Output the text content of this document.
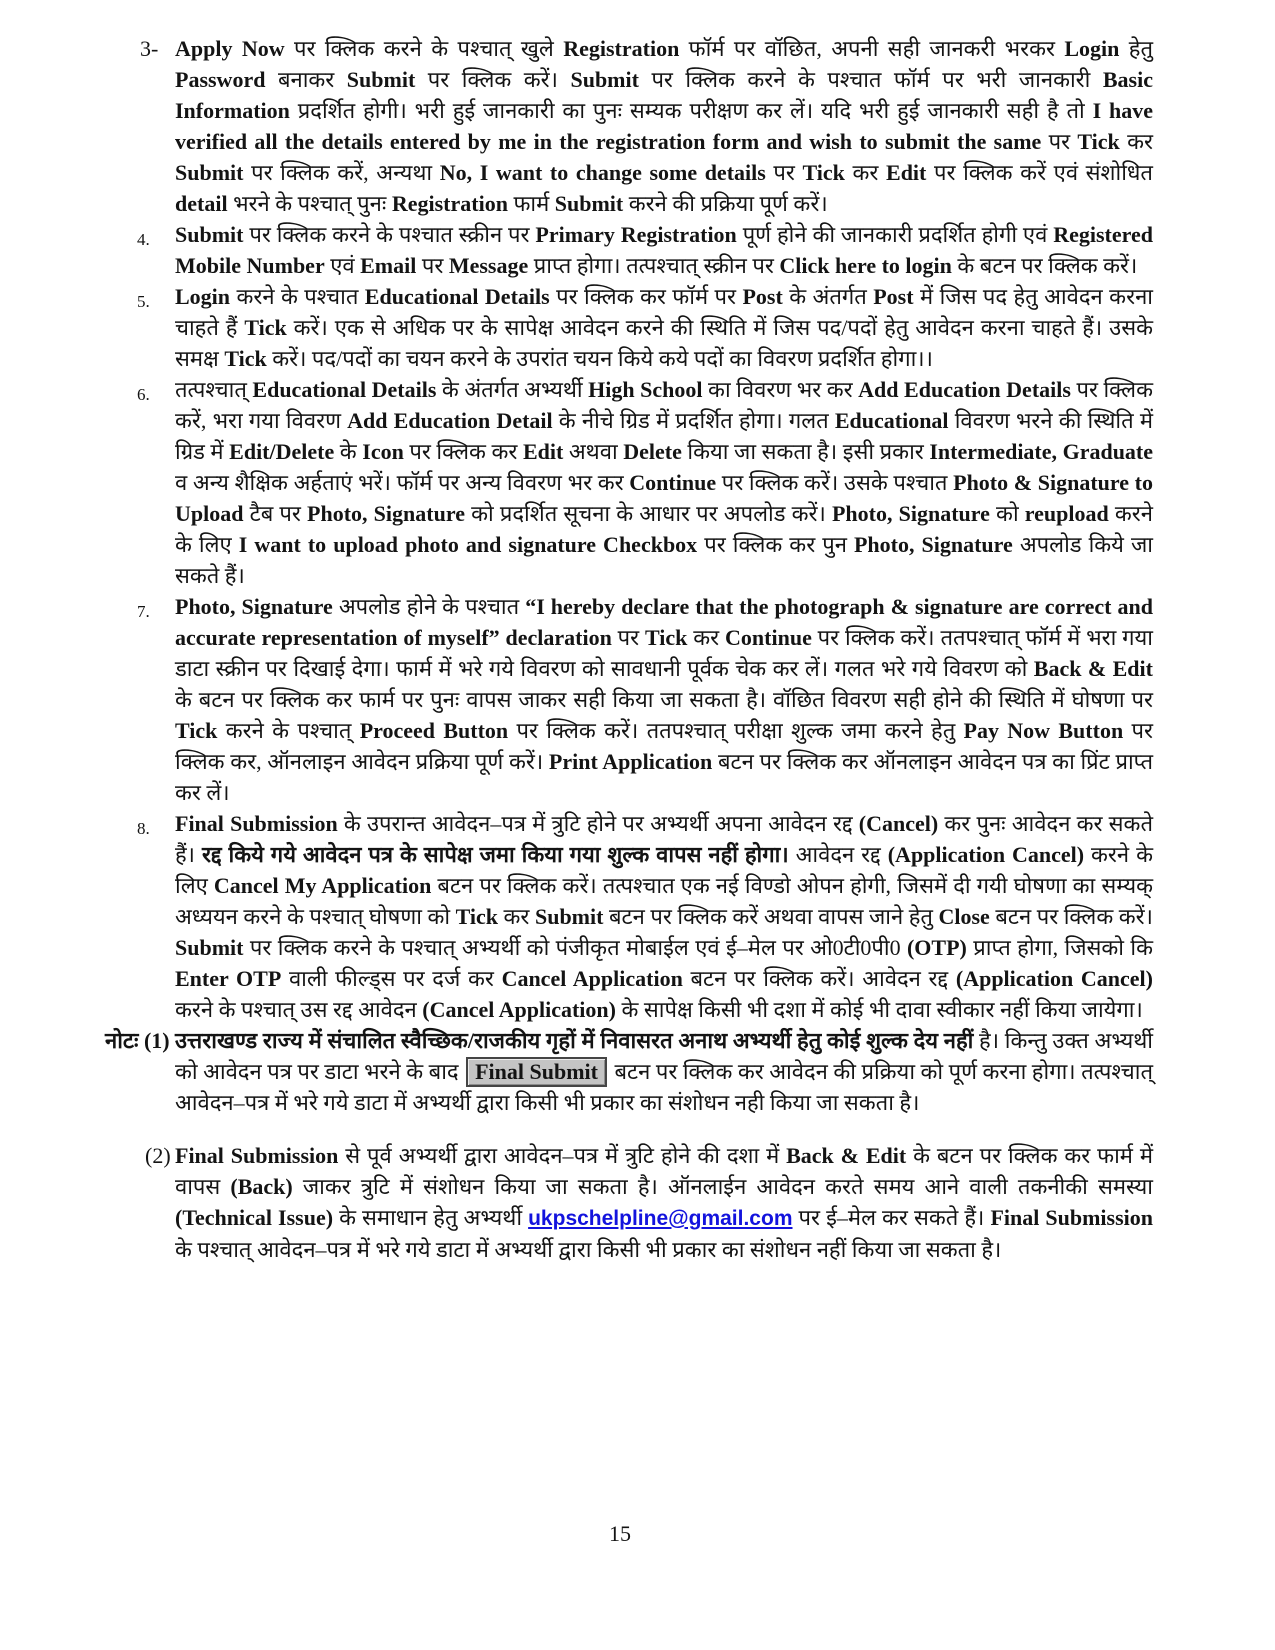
3- Apply Now पर क्लिक करने के पश्चात् खुले Registration फॉर्म पर वॉछित, अपनी सही जानकरी भरकर Login हेतु Password बनाकर Submit पर क्लिक करें। Submit पर क्लिक करने के पश्चात फॉर्म पर भरी जानकारी Basic Information प्रदर्शित होगी। भरी हुई जानकारी का पुनः सम्यक परीक्षण कर लें। यदि भरी हुई जानकारी सही है तो I have verified all the details entered by me in the registration form and wish to submit the same पर Tick कर Submit पर क्लिक करें, अन्यथा No, I want to change some details पर Tick कर Edit पर क्लिक करें एवं संशोधित detail भरने के पश्चात् पुनः Registration फार्म Submit करने की प्रक्रिया पूर्ण करें।
4. Submit पर क्लिक करने के पश्चात स्क्रीन पर Primary Registration पूर्ण होने की जानकारी प्रदर्शित होगी एवं Registered Mobile Number एवं Email पर Message प्राप्त होगा। तत्पश्चात् स्क्रीन पर Click here to login के बटन पर क्लिक करें।
5. Login करने के पश्चात Educational Details पर क्लिक कर फॉर्म पर Post के अंतर्गत Post में जिस पद हेतु आवेदन करना चाहते हैं Tick करें। एक से अधिक पर के सापेक्ष आवेदन करने की स्थिति में जिस पद/पदों हेतु आवेदन करना चाहते हैं। उसके समक्ष Tick करें। पद/पदों का चयन करने के उपरांत चयन किये कये पदों का विवरण प्रदर्शित होगा।।
6. तत्पश्चात् Educational Details के अंतर्गत अभ्यर्थी High School का विवरण भर कर Add Education Details पर क्लिक करें, भरा गया विवरण Add Education Detail के नीचे ग्रिड में प्रदर्शित होगा। गलत Educational विवरण भरने की स्थिति में ग्रिड में Edit/Delete के Icon पर क्लिक कर Edit अथवा Delete किया जा सकता है। इसी प्रकार Intermediate, Graduate व अन्य शैक्षिक अर्हताएं भरें। फॉर्म पर अन्य विवरण भर कर Continue पर क्लिक करें। उसके पश्चात Photo & Signature to Upload टैब पर Photo, Signature को प्रदर्शित सूचना के आधार पर अपलोड करें। Photo, Signature को reupload करने के लिए I want to upload photo and signature Checkbox पर क्लिक कर पुन Photo, Signature अपलोड किये जा सकते हैं।
7. Photo, Signature अपलोड होने के पश्चात “I hereby declare that the photograph & signature are correct and accurate representation of myself” declaration पर Tick कर Continue पर क्लिक करें। ततपश्चात् फॉर्म में भरा गया डाटा स्क्रीन पर दिखाई देगा। फार्म में भरे गये विवरण को सावधानी पूर्वक चेक कर लें। गलत भरे गये विवरण को Back & Edit के बटन पर क्लिक कर फार्म पर पुनः वापस जाकर सही किया जा सकता है। वॉछित विवरण सही होने की स्थिति में घोषणा पर Tick करने के पश्चात् Proceed Button पर क्लिक करें। ततपश्चात् परीक्षा शुल्क जमा करने हेतु Pay Now Button पर क्लिक कर, ऑनलाइन आवेदन प्रक्रिया पूर्ण करें। Print Application बटन पर क्लिक कर ऑनलाइन आवेदन पत्र का प्रिंट प्राप्त कर लें।
8. Final Submission के उपरान्त आवेदन–पत्र में त्रुटि होने पर अभ्यर्थी अपना आवेदन रद्द (Cancel) कर पुनः आवेदन कर सकते हैं। रद्द किये गये आवेदन पत्र के सापेक्ष जमा किया गया शुल्क वापस नहीं होगा। आवेदन रद्द (Application Cancel) करने के लिए Cancel My Application बटन पर क्लिक करें। तत्पश्चात एक नई विण्डो ओपन होगी, जिसमें दी गयी घोषणा का सम्यक् अध्ययन करने के पश्चात् घोषणा को Tick कर Submit बटन पर क्लिक करें अथवा वापस जाने हेतु Close बटन पर क्लिक करें। Submit पर क्लिक करने के पश्चात् अभ्यर्थी को पंजीकृत मोबाईल एवं ई–मेल पर ओ0टी0पी0 (OTP) प्राप्त होगा, जिसको कि Enter OTP वाली फील्ड्स पर दर्ज कर Cancel Application बटन पर क्लिक करें। आवेदन रद्द (Application Cancel) करने के पश्चात् उस रद्द आवेदन (Cancel Application) के सापेक्ष किसी भी दशा में कोई भी दावा स्वीकार नहीं किया जायेगा।
नोटः (1) उत्तराखण्ड राज्य में संचालित स्वैच्छिक/राजकीय गृहों में निवासरत अनाथ अभ्यर्थी हेतु कोई शुल्क देय नहीं है। किन्तु उक्त अभ्यर्थी को आवेदन पत्र पर डाटा भरने के बाद Final Submit बटन पर क्लिक कर आवेदन की प्रक्रिया को पूर्ण करना होगा। तत्पश्चात् आवेदन–पत्र में भरे गये डाटा में अभ्यर्थी द्वारा किसी भी प्रकार का संशोधन नही किया जा सकता है।
(2) Final Submission से पूर्व अभ्यर्थी द्वारा आवेदन–पत्र में त्रुटि होने की दशा में Back & Edit के बटन पर क्लिक कर फार्म में वापस (Back) जाकर त्रुटि में संशोधन किया जा सकता है। ऑनलाईन आवेदन करते समय आने वाली तकनीकी समस्या (Technical Issue) के समाधान हेतु अभ्यर्थी ukpschelpline@gmail.com पर ई–मेल कर सकते हैं। Final Submission के पश्चात् आवेदन–पत्र में भरे गये डाटा में अभ्यर्थी द्वारा किसी भी प्रकार का संशोधन नहीं किया जा सकता है।
15
